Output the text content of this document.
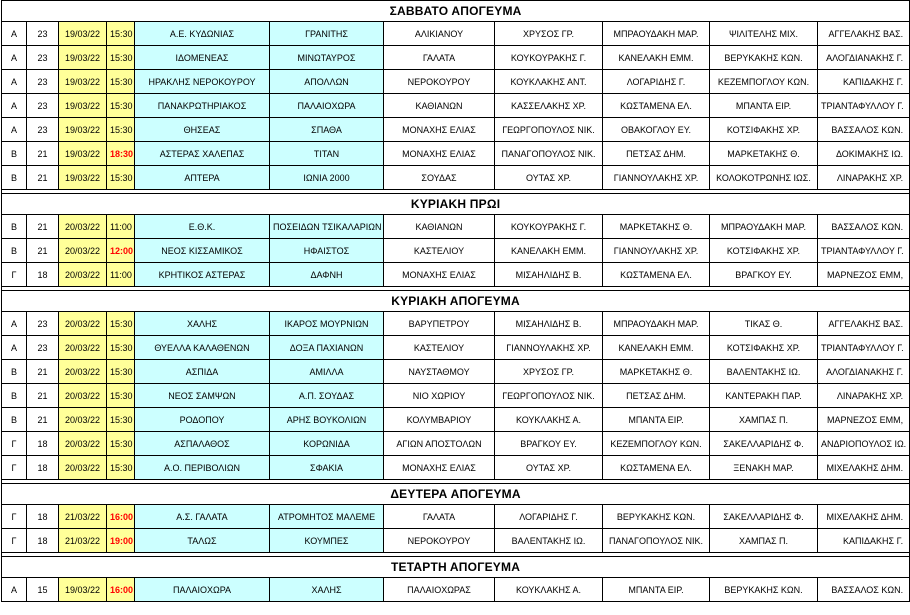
ΣΑΒΒΑΤΟ ΑΠΟΓΕΥΜΑ										
Α	23	19/03/22	15:30	Α.Ε. ΚΥΔΩΝΙΑΣ	ΓΡΑΝΙΤΗΣ	ΑΛΙΚΙΑΝΟΥ	ΧΡΥΣΟΣ ΓΡ.	ΜΠΡΑΟΥΔΑΚΗ ΜΑΡ.	ΨΙΛΙΤΕΛΗΣ ΜΙΧ.	ΑΓΓΕΛΑΚΗΣ ΒΑΣ.
Α	23	19/03/22	15:30	ΙΔΟΜΕΝΕΑΣ	ΜΙΝΩΤΑΥΡΟΣ	ΓΑΛΑΤΑ	ΚΟΥΚΟΥΡΑΚΗΣ Γ.	ΚΑΝΕΛΑΚΗ ΕΜΜ.	ΒΕΡΥΚΑΚΗΣ ΚΩΝ.	ΑΛΟΓΔΙΑΝΑΚΗΣ Γ.
Α	23	19/03/22	15:30	ΗΡΑΚΛΗΣ ΝΕΡΟΚΟΥΡΟΥ	ΑΠΟΛΛΩΝ	ΝΕΡΟΚΟΥΡΟΥ	ΚΟΥΚΛΑΚΗΣ ΑΝΤ.	ΛΟΓΑΡΙΔΗΣ Γ.	ΚΕΖΕΜΠΟΓΛΟΥ ΚΩΝ.	ΚΑΠΙΔΑΚΗΣ Γ.
Α	23	19/03/22	15:30	ΠΑΝΑΚΡΩΤΗΡΙΑΚΟΣ	ΠΑΛΑΙΟΧΩΡΑ	ΚΑΘΙΑΝΩΝ	ΚΑΣΣΕΛΑΚΗΣ ΧΡ.	ΚΩΣΤΑΜΕΝΑ ΕΛ.	ΜΠΑΝΤΑ ΕΙΡ.	ΤΡΙΑΝΤΑΦΥΛΛΟΥ Γ.
Α	23	19/03/22	15:30	ΘΗΣΕΑΣ	ΣΠΑΘΑ	ΜΟΝΑΧΗΣ ΕΛΙΑΣ	ΓΕΩΡΓΟΠΟΥΛΟΣ ΝΙΚ.	ΟΒΑΚΟΓΛΟΥ ΕΥ.	ΚΟΤΣΙΦΑΚΗΣ ΧΡ.	ΒΑΣΣΑΛΟΣ ΚΩΝ.
Β	21	19/03/22	18:30	ΑΣΤΕΡΑΣ ΧΑΛΕΠΑΣ	ΤΙΤΑΝ	ΜΟΝΑΧΗΣ ΕΛΙΑΣ	ΠΑΝΑΓΟΠΟΥΛΟΣ ΝΙΚ.	ΠΕΤΣΑΣ ΔΗΜ.	ΜΑΡΚΕΤΑΚΗΣ Θ.	ΔΟΚΙΜΑΚΗΣ ΙΩ.
Β	21	19/03/22	15:30	ΑΠΤΕΡΑ	ΙΩΝΙΑ 2000	ΣΟΥΔΑΣ	ΟΥΤΑΣ ΧΡ.	ΓΙΑΝΝΟΥΛΑΚΗΣ ΧΡ.	ΚΟΛΟΚΟΤΡΩΝΗΣ ΙΩΣ.	ΛΙΝΑΡΑΚΗΣ ΧΡ.

ΚΥΡΙΑΚΗ ΠΡΩΙ										
Β	21	20/03/22	11:00	Ε.Θ.Κ.	ΠΟΣΕΙΔΩΝ ΤΣΙΚΑΛΑΡΙΩΝ	ΚΑΘΙΑΝΩΝ	ΚΟΥΚΟΥΡΑΚΗΣ Γ.	ΜΑΡΚΕΤΑΚΗΣ Θ.	ΜΠΡΑΟΥΔΑΚΗ ΜΑΡ.	ΒΑΣΣΑΛΟΣ ΚΩΝ.
Β	21	20/03/22	12:00	ΝΕΟΣ ΚΙΣΣΑΜΙΚΟΣ	ΗΦΑΙΣΤΟΣ	ΚΑΣΤΕΛΙΟΥ	ΚΑΝΕΛΑΚΗ ΕΜΜ.	ΓΙΑΝΝΟΥΛΑΚΗΣ ΧΡ.	ΚΟΤΣΙΦΑΚΗΣ ΧΡ.	ΤΡΙΑΝΤΑΦΥΛΛΟΥ Γ.
Γ	18	20/03/22	11:00	ΚΡΗΤΙΚΟΣ ΑΣΤΕΡΑΣ	ΔΑΦΝΗ	ΜΟΝΑΧΗΣ ΕΛΙΑΣ	ΜΙΣΑΗΛΙΔΗΣ Β.	ΚΩΣΤΑΜΕΝΑ ΕΛ.	ΒΡΑΓΚΟΥ ΕΥ.	ΜΑΡΝΕΖΟΣ ΕΜΜ,

ΚΥΡΙΑΚΗ ΑΠΟΓΕΥΜΑ										
Α	23	20/03/22	15:30	ΧΑΛΗΣ	ΙΚΑΡΟΣ ΜΟΥΡΝΙΩΝ	ΒΑΡΥΠΕΤΡΟΥ	ΜΙΣΑΗΛΙΔΗΣ Β.	ΜΠΡΑΟΥΔΑΚΗ ΜΑΡ.	ΤΙΚΑΣ Θ.	ΑΓΓΕΛΑΚΗΣ ΒΑΣ.
Α	23	20/03/22	15:30	ΘΥΕΛΛΑ ΚΑΛΑΘΕΝΩΝ	ΔΟΞΑ ΠΑΧΙΑΝΩΝ	ΚΑΣΤΕΛΙΟΥ	ΓΙΑΝΝΟΥΛΑΚΗΣ ΧΡ.	ΚΑΝΕΛΑΚΗ ΕΜΜ.	ΚΟΤΣΙΦΑΚΗΣ ΧΡ.	ΤΡΙΑΝΤΑΦΥΛΛΟΥ Γ.
Β	21	20/03/22	15:30	ΑΣΠΙΔΑ	ΑΜΙΛΛΑ	ΝΑΥΣΤΑΘΜΟΥ	ΧΡΥΣΟΣ ΓΡ.	ΜΑΡΚΕΤΑΚΗΣ Θ.	ΒΑΛΕΝΤΑΚΗΣ ΙΩ.	ΑΛΟΓΔΙΑΝΑΚΗΣ Γ.
Β	21	20/03/22	15:30	ΝΕΟΣ ΣΑΜΨΩΝ	Α.Π. ΣΟΥΔΑΣ	ΝΙΟ ΧΩΡΙΟΥ	ΓΕΩΡΓΟΠΟΥΛΟΣ ΝΙΚ.	ΠΕΤΣΑΣ ΔΗΜ.	ΚΑΝΤΕΡΑΚΗ ΠΑΡ.	ΛΙΝΑΡΑΚΗΣ ΧΡ.
Β	21	20/03/22	15:30	ΡΟΔΟΠΟΥ	ΑΡΗΣ ΒΟΥΚΟΛΙΩΝ	ΚΟΛΥΜΒΑΡΙΟΥ	ΚΟΥΚΛΑΚΗΣ Α.	ΜΠΑΝΤΑ ΕΙΡ.	ΧΑΜΠΑΣ Π.	ΜΑΡΝΕΖΟΣ ΕΜΜ,
Γ	18	20/03/22	15:30	ΑΣΠΑΛΑΘΟΣ	ΚΟΡΩΝΙΔΑ	ΑΓΙΩΝ ΑΠΟΣΤΟΛΩΝ	ΒΡΑΓΚΟΥ ΕΥ.	ΚΕΖΕΜΠΟΓΛΟΥ ΚΩΝ.	ΣΑΚΕΛΛΑΡΙΔΗΣ Φ.	ΑΝΔΡΙΟΠΟΥΛΟΣ ΙΩ.
Γ	18	20/03/22	15:30	Α.Ο. ΠΕΡΙΒΟΛΙΩΝ	ΣΦΑΚΙΑ	ΜΟΝΑΧΗΣ ΕΛΙΑΣ	ΟΥΤΑΣ ΧΡ.	ΚΩΣΤΑΜΕΝΑ ΕΛ.	ΞΕΝΑΚΗ ΜΑΡ.	ΜΙΧΕΛΑΚΗΣ ΔΗΜ.

ΔΕΥΤΕΡΑ ΑΠΟΓΕΥΜΑ										
Γ	18	21/03/22	16:00	Α.Σ. ΓΑΛΑΤΑ	ΑΤΡΟΜΗΤΟΣ ΜΑΛΕΜΕ	ΓΑΛΑΤΑ	ΛΟΓΑΡΙΔΗΣ Γ.	ΒΕΡΥΚΑΚΗΣ ΚΩΝ.	ΣΑΚΕΛΛΑΡΙΔΗΣ Φ.	ΜΙΧΕΛΑΚΗΣ ΔΗΜ.
Γ	18	21/03/22	19:00	ΤΑΛΩΣ	ΚΟΥΜΠΕΣ	ΝΕΡΟΚΟΥΡΟΥ	ΒΑΛΕΝΤΑΚΗΣ ΙΩ.	ΠΑΝΑΓΟΠΟΥΛΟΣ ΝΙΚ.	ΧΑΜΠΑΣ Π.	ΚΑΠΙΔΑΚΗΣ Γ.

ΤΕΤΑΡΤΗ ΑΠΟΓΕΥΜΑ										
Α	15	19/03/22	16:00	ΠΑΛΑΙΟΧΩΡΑ	ΧΑΛΗΣ	ΠΑΛΑΙΟΧΩΡΑΣ	ΚΟΥΚΛΑΚΗΣ Α.	ΜΠΑΝΤΑ ΕΙΡ.	ΒΕΡΥΚΑΚΗΣ ΚΩΝ.	ΒΑΣΣΑΛΟΣ ΚΩΝ.
